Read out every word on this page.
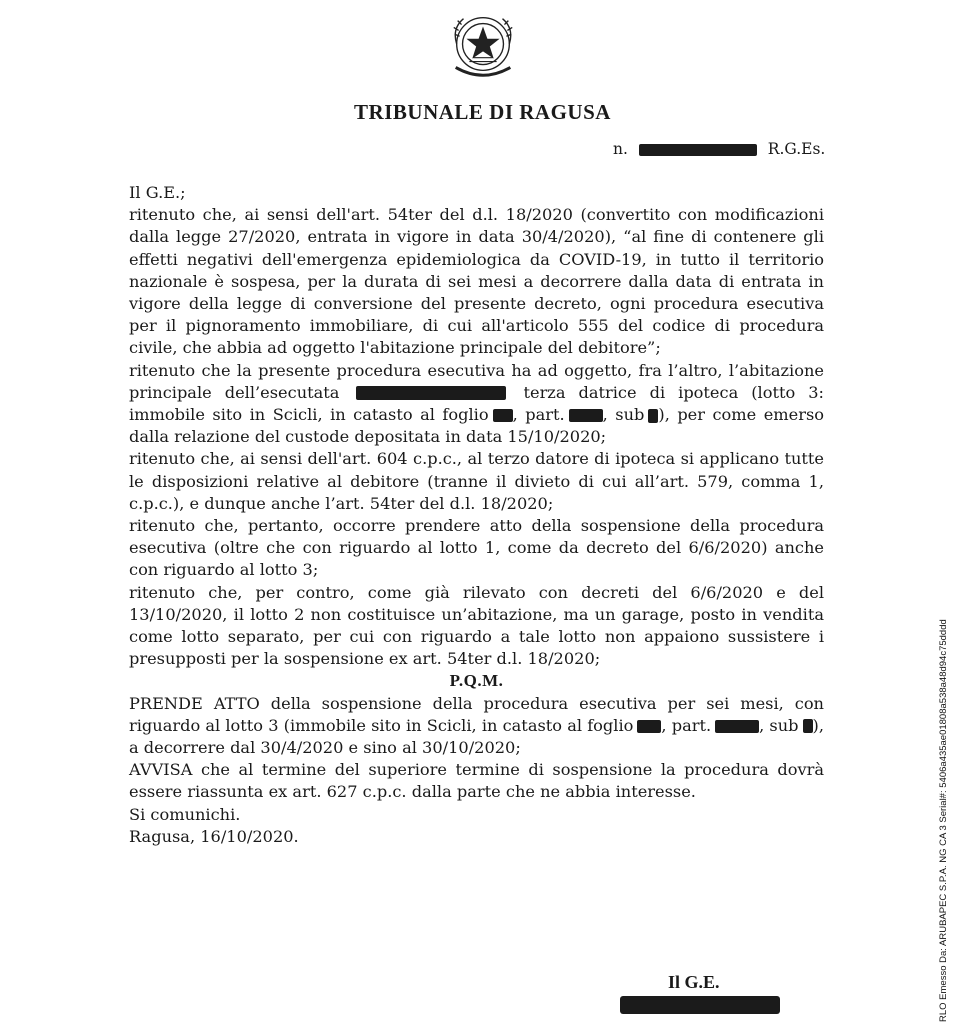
TRIBUNALE DI RAGUSA
n.	R.G.Es.

Il G.E.;

ritenuto che, ai sensi dell'art. 54ter del d.l. 18/2020 (convertito con modificazioni dalla legge 27/2020, entrata in vigore in data 30/4/2020), “al fine di contenere gli effetti negativi dell'emergenza epidemiologica da COVID-19, in tutto il territorio nazionale è sospesa, per la durata di sei mesi a decorrere dalla data di entrata in vigore della legge di conversione del presente decreto, ogni procedura esecutiva per il pignoramento immobiliare, di cui all'articolo 555 del codice di procedura civile, che abbia ad oggetto l'abitazione principale del debitore”;

ritenuto che la presente procedura esecutiva ha ad oggetto, fra l’altro, l’abitazione principale dell’esecutata	terza datrice di ipoteca (lotto 3: immobile sito in Scicli, in catasto al foglio , part. , sub ), per come emerso dalla relazione del custode depositata in data 15/10/2020;

ritenuto che, ai sensi dell'art. 604 c.p.c., al terzo datore di ipoteca si applicano tutte le disposizioni relative al debitore (tranne il divieto di cui all’art. 579, comma 1, c.p.c.), e dunque anche l’art. 54ter del d.l. 18/2020;

ritenuto che, pertanto, occorre prendere atto della sospensione della procedura esecutiva (oltre che con riguardo al lotto 1, come da decreto del 6/6/2020) anche con riguardo al lotto 3;

ritenuto che, per contro, come già rilevato con decreti del 6/6/2020 e del 13/10/2020, il lotto 2 non costituisce un’abitazione, ma un garage, posto in vendita come lotto separato, per cui con riguardo a tale lotto non appaiono sussistere i presupposti per la sospensione ex art. 54ter d.l. 18/2020;

P.Q.M.

PRENDE ATTO della sospensione della procedura esecutiva per sei mesi, con riguardo al lotto 3 (immobile sito in Scicli, in catasto al foglio , part.	, sub ), a decorrere dal 30/4/2020 e sino al 30/10/2020;

AVVISA che al termine del superiore termine di sospensione la procedura dovrà essere riassunta ex art. 627 c.p.c. dalla parte che ne abbia interesse.

Si comunichi.

Ragusa, 16/10/2020.

Il G.E.	RLO Emesso Da: ARUBAPEC S.P.A. NG CA 3 Serial#: 5406a435ae01808a538a48d94c75dddd
